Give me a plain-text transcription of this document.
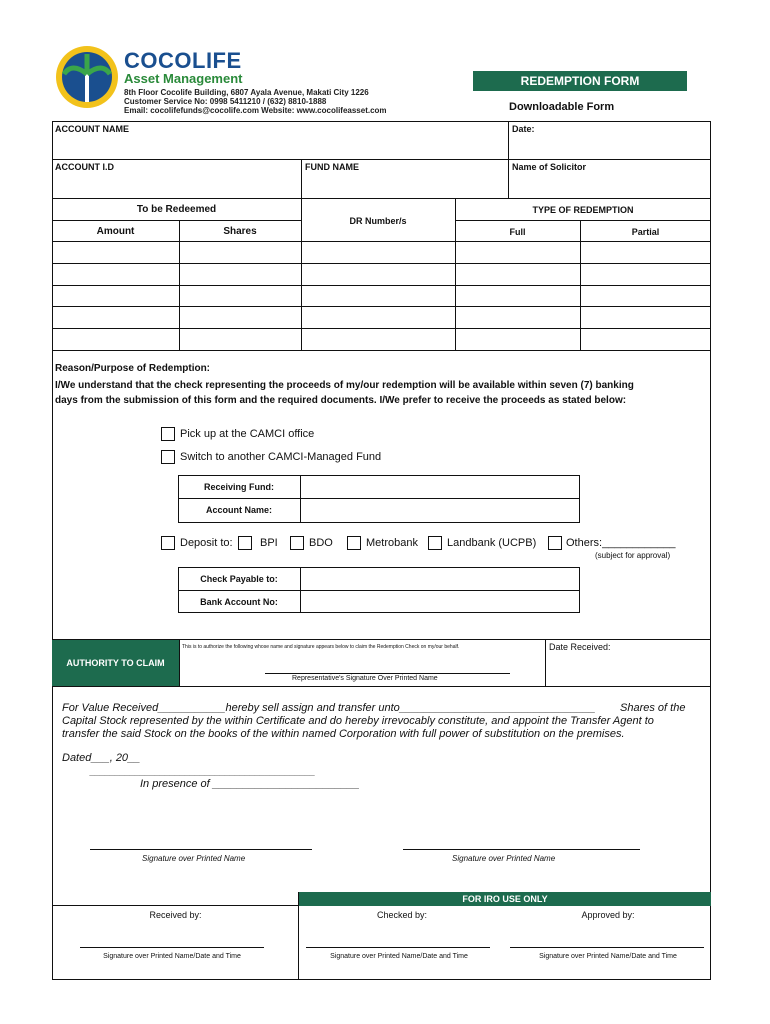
COCOLIFE
Asset Management
8th Floor Cocolife Building, 6807 Ayala Avenue, Makati City 1226
Customer Service No: 0998 5411210 / (632) 8810-1888
Email: cocolifefunds@cocolife.com Website: www.cocolifeasset.com
REDEMPTION FORM
Downloadable Form
ACCOUNT NAME	Date:
ACCOUNT I.D	FUND NAME	Name of Solicitor
To be Redeemed
Amount	Shares
DR Number/s
TYPE OF REDEMPTION
Full	Partial
Reason/Purpose of Redemption:
I/We understand that the check representing the proceeds of my/our redemption will be available within seven (7) banking
days from the submission of this form and the required documents. I/We prefer to receive the proceeds as stated below:
Pick up at the CAMCI office
Switch to another CAMCI-Managed Fund
Receiving Fund:
Account Name:
Deposit to: BPI	BDO	Metrobank	Landbank (UCPB)	Others:____________
(subject for approval)
Check Payable to:
Bank Account No:
AUTHORITY TO CLAIM
This is to authorize the following whose name and signature appears below to claim the Redemption Check on my/our behalf.
Representative's Signature Over Printed Name
Date Received:
For Value Received___________hereby sell assign and transfer unto________________________________ Shares of the
Capital Stock represented by the within Certificate and do hereby irrevocably constitute, and appoint the Transfer Agent to
transfer the said Stock on the books of the within named Corporation with full power of substitution on the premises.
Dated___, 20__
_____________________________________________
In presence of ________________________
Signature over Printed Name	Signature over Printed Name
FOR IRO USE ONLY
Received by:	Checked by:	Approved by:
Signature over Printed Name/Date and Time	Signature over Printed Name/Date and Time	Signature over Printed Name/Date and Time
